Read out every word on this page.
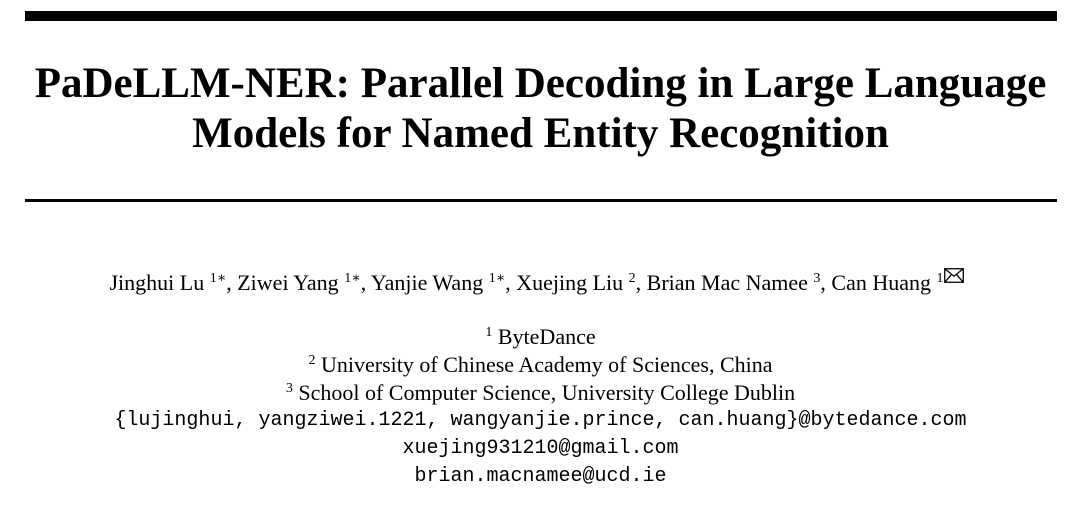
PaDeLLM-NER: Parallel Decoding in Large Language
Models for Named Entity Recognition
Jinghui Lu $^{1∗}$, Ziwei Yang $^{1∗}$, Yanjie Wang $^{1∗}$, Xuejing Liu $^2$, Brian Mac Namee $^3$, Can Huang $^1$
$^1$ ByteDance
$^2$ University of Chinese Academy of Sciences, China
$^3$ School of Computer Science, University College Dublin
{lujinghui, yangziwei.1221, wangyanjie.prince, can.huang}@bytedance.com
xuejing931210@gmail.com
brian.macnamee@ucd.ie
